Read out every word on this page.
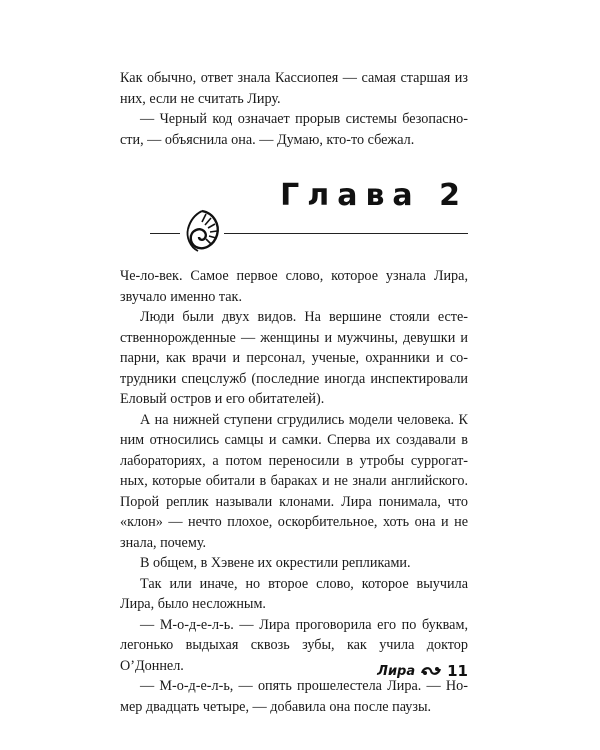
Как обычно, ответ знала Кассиопея — самая старшая из них, если не считать Лиру.

— Черный код означает прорыв системы безопасности, — объяснила она. — Думаю, кто-то сбежал.

Глава 2

Че-ло-век. Самое первое слово, которое узнала Лира, звучало именно так.

Люди были двух видов. На вершине стояли естественнорожденные — женщины и мужчины, девушки и парни, как врачи и персонал, ученые, охранники и сотрудники спецслужб (последние иногда инспектировали Еловый остров и его обитателей).

А на нижней ступени сгрудились модели человека. К ним относились самцы и самки. Сперва их создавали в лабораториях, а потом переносили в утробы суррогатных, которые обитали в бараках и не знали английского. Порой реплик называли клонами. Лира понимала, что «клон» — нечто плохое, оскорбительное, хоть она и не знала, почему.

В общем, в Хэвене их окрестили репликами.

Так или иначе, но второе слово, которое выучила Лира, было несложным.

— М-о-д-е-л-ь. — Лира проговорила его по буквам, легонько выдыхая сквозь зубы, как учила доктор О’Доннел.

— М-о-д-е-л-ь, — опять прошелестела Лира. — Номер двадцать четыре, — добавила она после паузы.

Лира 11
